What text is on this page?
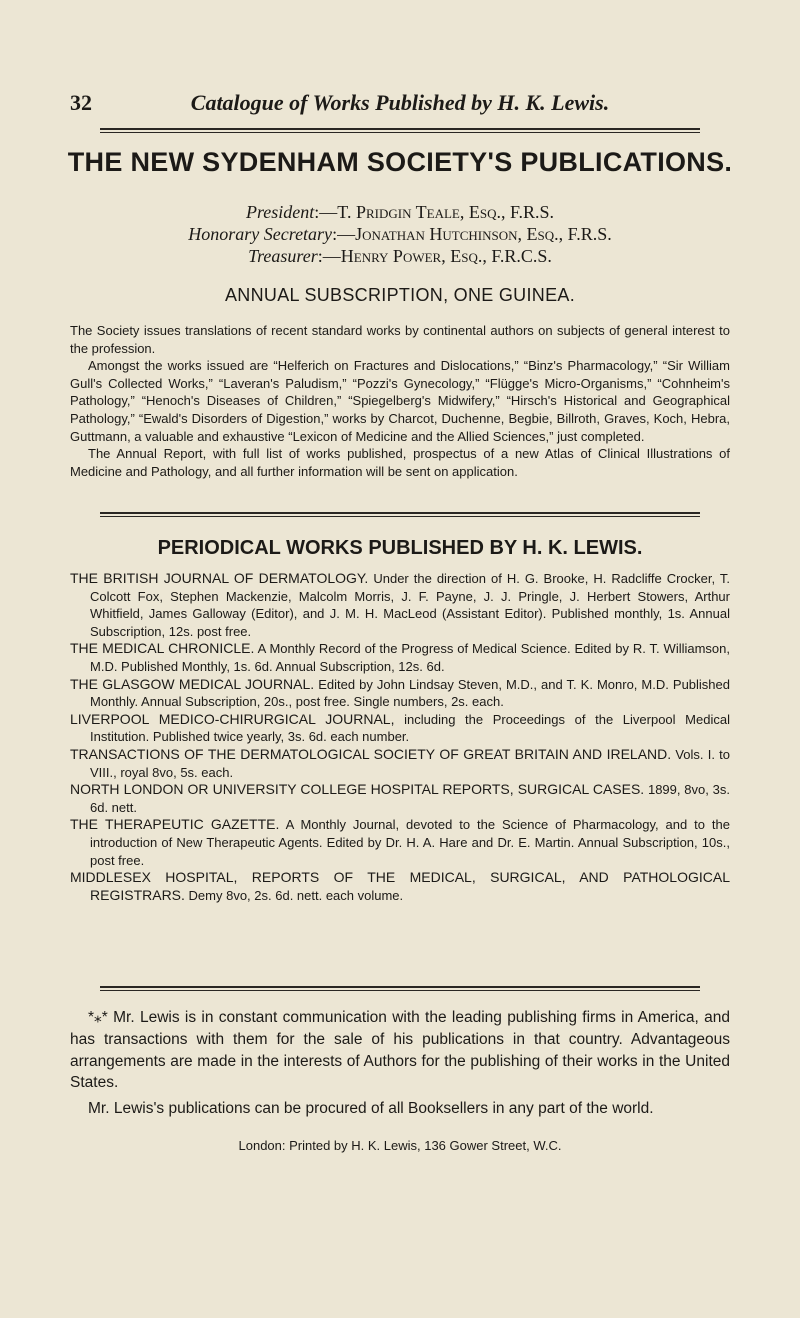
32	Catalogue of Works Published by H. K. Lewis.
THE NEW SYDENHAM SOCIETY'S PUBLICATIONS.
President:—T. Pridgin Teale, Esq., F.R.S.
Honorary Secretary:—Jonathan Hutchinson, Esq., F.R.S.
Treasurer:—Henry Power, Esq., F.R.C.S.
ANNUAL SUBSCRIPTION, ONE GUINEA.

The Society issues translations of recent standard works by continental authors on subjects of general interest to the profession.

Amongst the works issued are “Helferich on Fractures and Dislocations,” “Binz's Pharmacology,” “Sir William Gull's Collected Works,” “Laveran's Paludism,” “Pozzi's Gynecology,” “Flügge's Micro-Organisms,” “Cohnheim's Pathology,” “Henoch's Diseases of Children,” “Spiegelberg's Midwifery,” “Hirsch's Historical and Geographical Pathology,” “Ewald's Disorders of Digestion,” works by Charcot, Duchenne, Begbie, Billroth, Graves, Koch, Hebra, Guttmann, a valuable and exhaustive “Lexicon of Medicine and the Allied Sciences,” just completed.

The Annual Report, with full list of works published, prospectus of a new Atlas of Clinical Illustrations of Medicine and Pathology, and all further information will be sent on application.

PERIODICAL WORKS PUBLISHED BY H. K. LEWIS.

THE BRITISH JOURNAL OF DERMATOLOGY. Under the direction of H. G. Brooke, H. Radcliffe Crocker, T. Colcott Fox, Stephen Mackenzie, Malcolm Morris, J. F. Payne, J. J. Pringle, J. Herbert Stowers, Arthur Whitfield, James Galloway (Editor), and J. M. H. MacLeod (Assistant Editor). Published monthly, 1s. Annual Subscription, 12s. post free.

THE MEDICAL CHRONICLE. A Monthly Record of the Progress of Medical Science. Edited by R. T. Williamson, M.D. Published Monthly, 1s. 6d. Annual Subscription, 12s. 6d.

THE GLASGOW MEDICAL JOURNAL. Edited by John Lindsay Steven, M.D., and T. K. Monro, M.D. Published Monthly. Annual Subscription, 20s., post free. Single numbers, 2s. each.

LIVERPOOL MEDICO-CHIRURGICAL JOURNAL, including the Proceedings of the Liverpool Medical Institution. Published twice yearly, 3s. 6d. each number.

TRANSACTIONS OF THE DERMATOLOGICAL SOCIETY OF GREAT BRITAIN AND IRELAND. Vols. I. to VIII., royal 8vo, 5s. each.

NORTH LONDON OR UNIVERSITY COLLEGE HOSPITAL REPORTS, SURGICAL CASES. 1899, 8vo, 3s. 6d. nett.

THE THERAPEUTIC GAZETTE. A Monthly Journal, devoted to the Science of Pharmacology, and to the introduction of New Therapeutic Agents. Edited by Dr. H. A. Hare and Dr. E. Martin. Annual Subscription, 10s., post free.

MIDDLESEX HOSPITAL, REPORTS OF THE MEDICAL, SURGICAL, AND PATHOLOGICAL REGISTRARS. Demy 8vo, 2s. 6d. nett. each volume.

*⁎* Mr. Lewis is in constant communication with the leading publishing firms in America, and has transactions with them for the sale of his publications in that country. Advantageous arrangements are made in the interests of Authors for the publishing of their works in the United States.

Mr. Lewis's publications can be procured of all Booksellers in any part of the world.

London: Printed by H. K. Lewis, 136 Gower Street, W.C.
